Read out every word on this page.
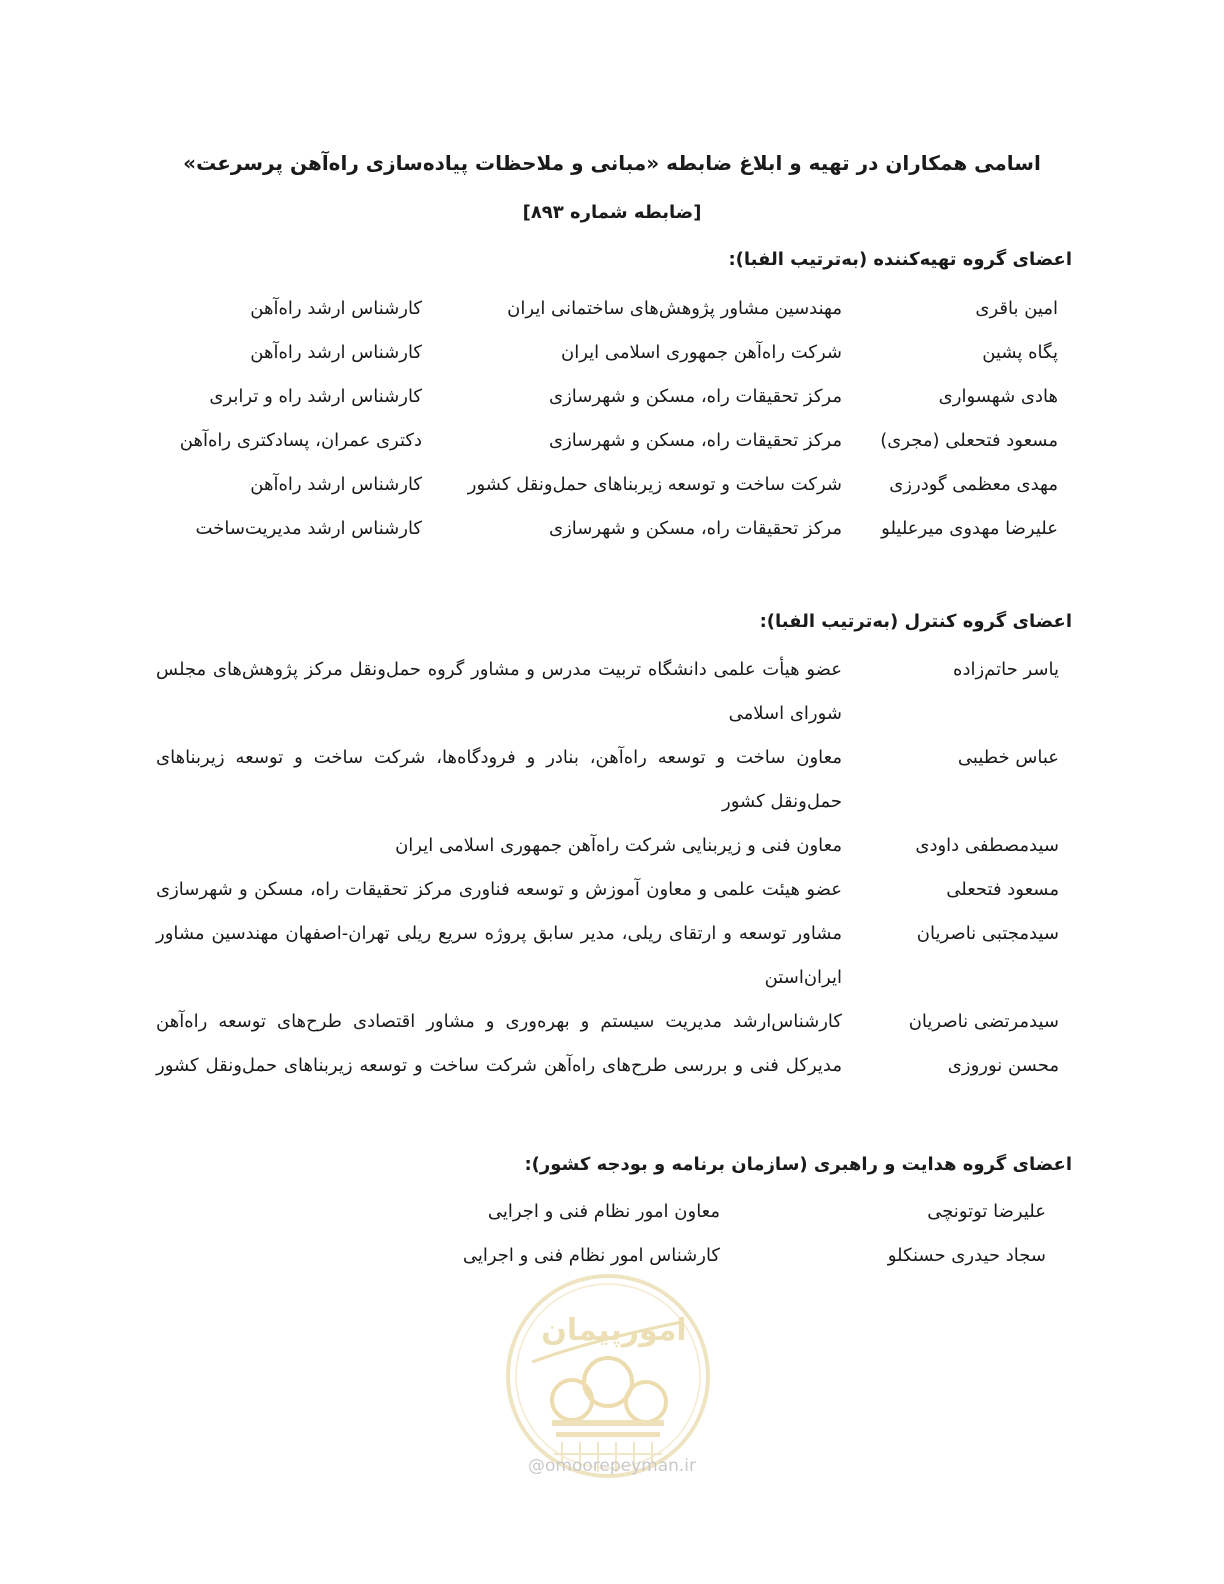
اسامی همکاران در تهیه و ابلاغ ضابطه «مبانی و ملاحظات پیاده‌سازی راه‌آهن پرسرعت»
[ضابطه شماره ۸۹۳]
اعضای گروه تهیه‌کننده (به‌ترتیب الفبا):
امین باقری
مهندسین مشاور پژوهش‌های ساختمانی ایران
کارشناس ارشد راه‌آهن
پگاه پشین
شرکت راه‌آهن جمهوری اسلامی ایران
کارشناس ارشد راه‌آهن
هادی شهسواری
مرکز تحقیقات راه، مسکن و شهرسازی
کارشناس ارشد راه و ترابری
مسعود فتحعلی (مجری)
مرکز تحقیقات راه، مسکن و شهرسازی
دکتری عمران، پسادکتری راه‌آهن
مهدی معظمی گودرزی
شرکت ساخت و توسعه زیربناهای حمل‌ونقل کشور
کارشناس ارشد راه‌آهن
علیرضا مهدوی میرعلیلو
مرکز تحقیقات راه، مسکن و شهرسازی
کارشناس ارشد مدیریت‌ساخت
اعضای گروه کنترل (به‌ترتیب الفبا):
یاسر حاتم‌زاده
عضو هیأت علمی دانشگاه تربیت مدرس و مشاور گروه حمل‌ونقل مرکز پژوهش‌های مجلس شورای اسلامی
عباس خطیبی
معاون ساخت و توسعه راه‌آهن، بنادر و فرودگاه‌ها، شرکت ساخت و توسعه زیربناهای حمل‌ونقل کشور
سیدمصطفی داودی
معاون فنی و زیربنایی شرکت راه‌آهن جمهوری اسلامی ایران
مسعود فتحعلی
عضو هیئت علمی و معاون آموزش و توسعه فناوری مرکز تحقیقات راه، مسکن و شهرسازی
سیدمجتبی ناصریان
مشاور توسعه و ارتقای ریلی، مدیر سابق پروژه سریع ریلی تهران-اصفهان مهندسین مشاور ایران‌استن
سیدمرتضی ناصریان
کارشناس‌ارشد مدیریت سیستم و بهره‌وری و مشاور اقتصادی طرح‌های توسعه راه‌آهن
محسن نوروزی
مدیرکل فنی و بررسی طرح‌های راه‌آهن شرکت ساخت و توسعه زیربناهای حمل‌ونقل کشور
اعضای گروه هدایت و راهبری (سازمان برنامه و بودجه کشور):
علیرضا توتونچی
معاون امور نظام فنی و اجرایی
سجاد حیدری حسنکلو
کارشناس امور نظام فنی و اجرایی
امورپیمان
@omoorepeyman.ir
